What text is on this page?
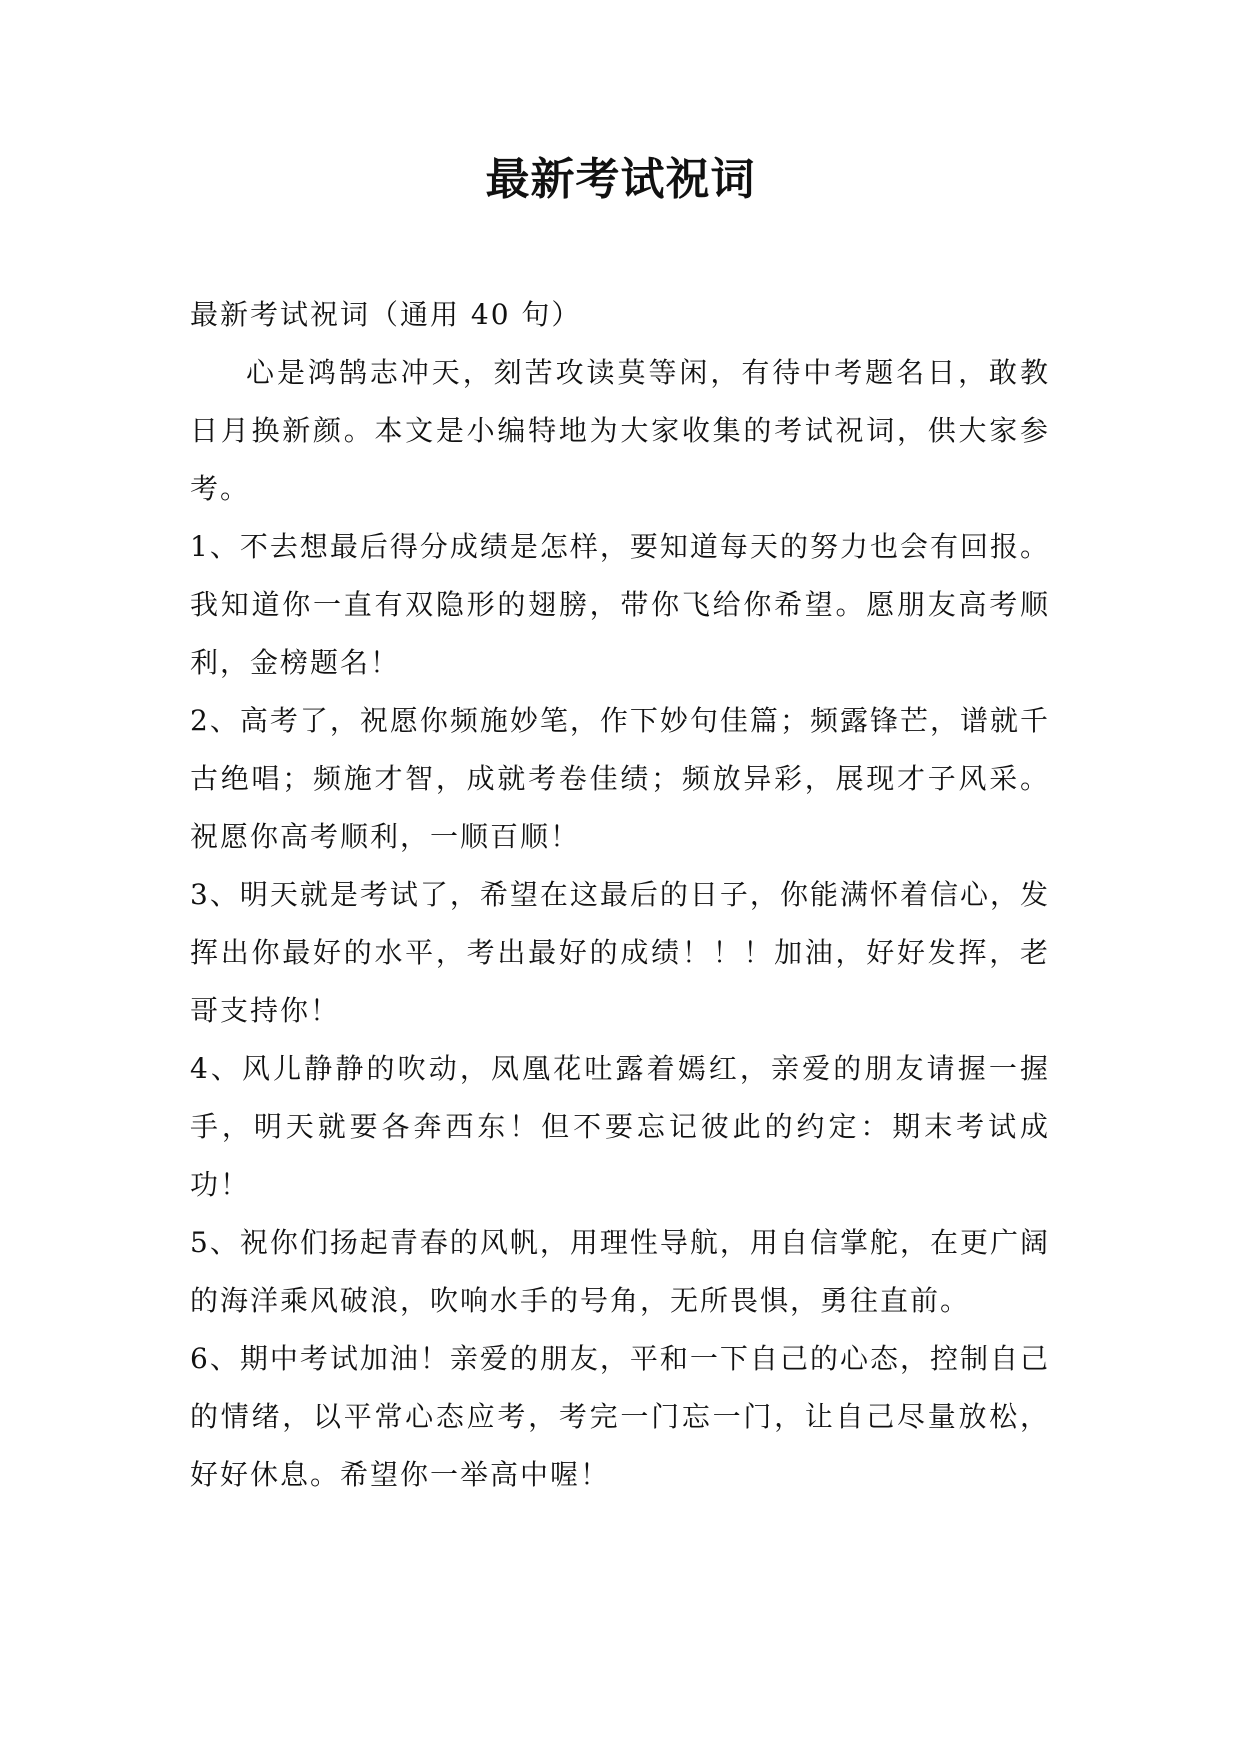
最新考试祝词

最新考试祝词（通用 40 句）

心是鸿鹄志冲天，刻苦攻读莫等闲，有待中考题名日，敢教日月换新颜。本文是小编特地为大家收集的考试祝词，供大家参考。

1、不去想最后得分成绩是怎样，要知道每天的努力也会有回报。我知道你一直有双隐形的翅膀，带你飞给你希望。愿朋友高考顺利，金榜题名！
2、高考了，祝愿你频施妙笔，作下妙句佳篇；频露锋芒，谱就千古绝唱；频施才智，成就考卷佳绩；频放异彩，展现才子风采。祝愿你高考顺利，一顺百顺！
3、明天就是考试了，希望在这最后的日子，你能满怀着信心，发挥出你最好的水平，考出最好的成绩！！！加油，好好发挥，老哥支持你！
4、风儿静静的吹动，凤凰花吐露着嫣红，亲爱的朋友请握一握手，明天就要各奔西东！但不要忘记彼此的约定：期末考试成功！
5、祝你们扬起青春的风帆，用理性导航，用自信掌舵，在更广阔的海洋乘风破浪，吹响水手的号角，无所畏惧，勇往直前。
6、期中考试加油！亲爱的朋友，平和一下自己的心态，控制自己的情绪，以平常心态应考，考完一门忘一门，让自己尽量放松，好好休息。希望你一举高中喔！
